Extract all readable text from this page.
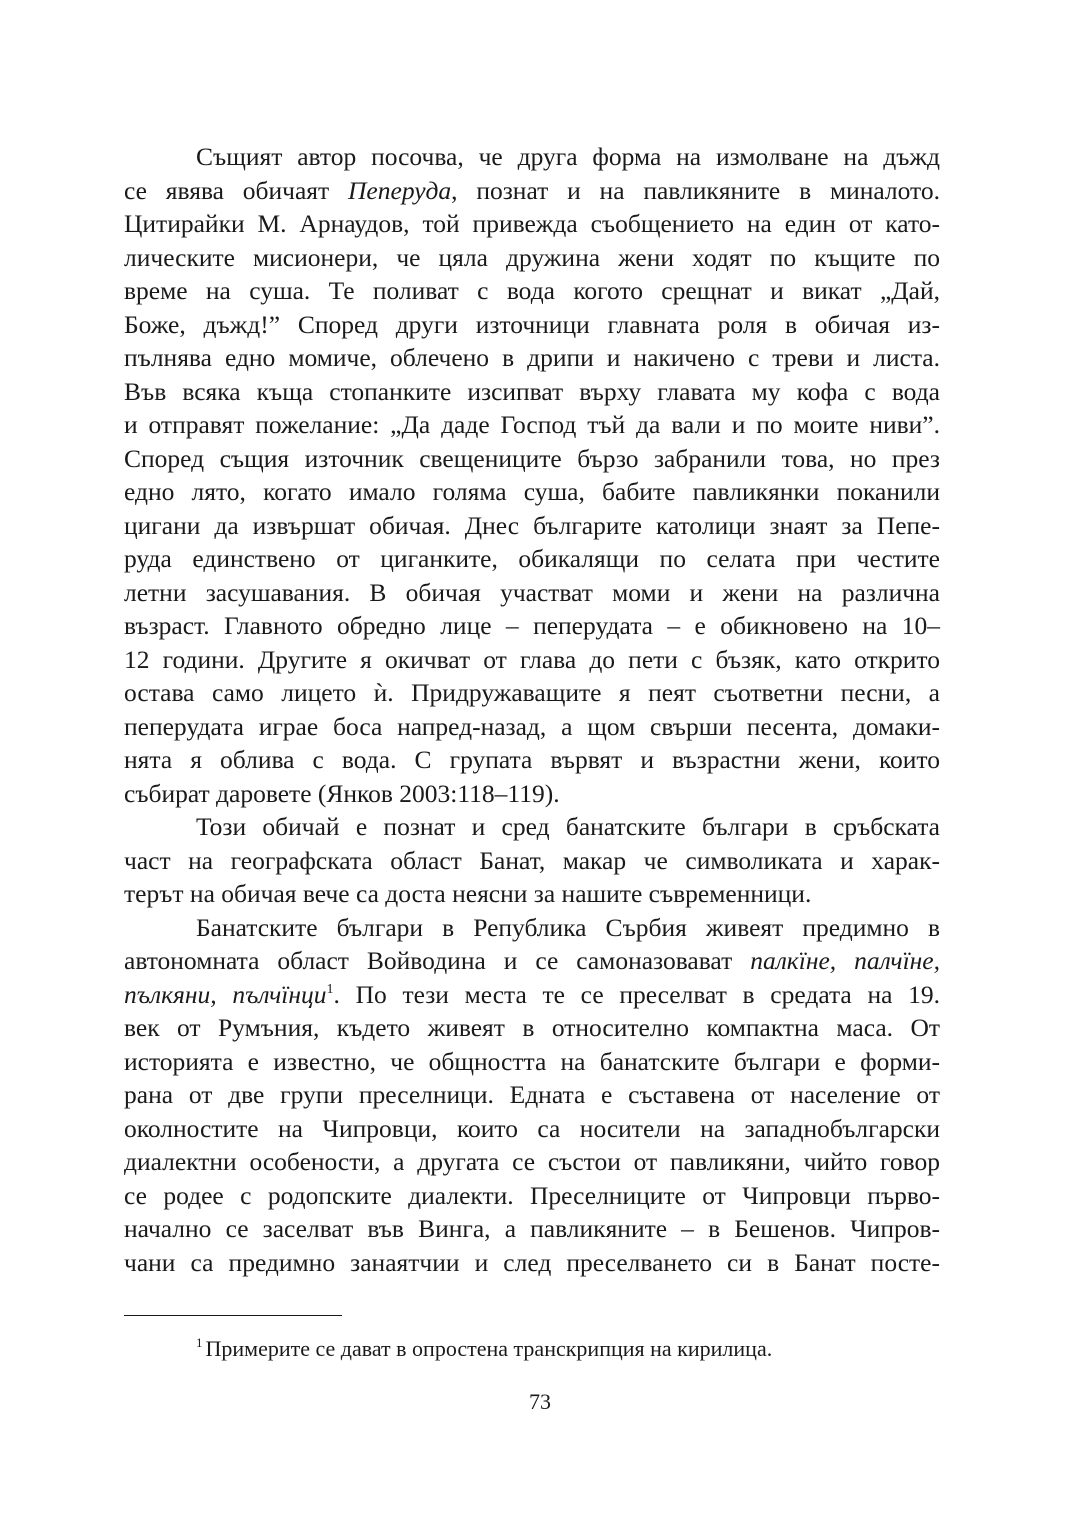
Същият автор посочва, че друга форма на измолване на дъжд
се явява обичаят Пеперуда, познат и на павликяните в миналото.
Цитирайки М. Арнаудов, той привежда съобщението на един от като-
лическите мисионери, че цяла дружина жени ходят по къщите по
време на суша. Те поливат с вода когото срещнат и викат „Дай,
Боже, дъжд!” Според други източници главната роля в обичая из-
пълнява едно момиче, облечено в дрипи и накичено с треви и листа.
Във всяка къща стопанките изсипват върху главата му кофа с вода
и отправят пожелание: „Да даде Господ тъй да вали и по моите ниви”.
Според същия източник свещениците бързо забранили това, но през
едно лято, когато имало голяма суша, бабите павликянки поканили
цигани да извършат обичая. Днес българите католици знаят за Пепе-
руда единствено от циганките, обикалящи по селата при честите
летни засушавания. В обичая участват моми и жени на различна
възраст. Главното обредно лице – пеперудата – е обикновено на 10–
12 години. Другите я окичват от глава до пети с бъзяк, като открито
остава само лицето ѝ. Придружаващите я пеят съответни песни, а
пеперудата играе боса напред-назад, а щом свърши песента, домаки-
нята я облива с вода. С групата вървят и възрастни жени, които
събират даровете (Янков 2003:118–119).

Този обичай е познат и сред банатските българи в сръбската
част на географската област Банат, макар че символиката и харак-
терът на обичая вече са доста неясни за нашите съвременници.

Банатските българи в Република Сърбия живеят предимно в
автономната област Войводина и се самоназовават палкїне, палчїне,
пълкяни, пълчїнци$^1$. По тези места те се преселват в средата на 19.
век от Румъния, където живеят в относително компактна маса. От
историята е известно, че общността на банатските българи е форми-
рана от две групи преселници. Едната е съставена от население от
околностите на Чипровци, които са носители на западнобългарски
диалектни особености, а другата се състои от павликяни, чийто говор
се родее с родопските диалекти. Преселниците от Чипровци първо-
начално се заселват във Винга, а павликяните – в Бешенов. Чипров-
чани са предимно занаятчии и след преселването си в Банат посте-

$^1$ Примерите се дават в опростена транскрипция на кирилица.
73
